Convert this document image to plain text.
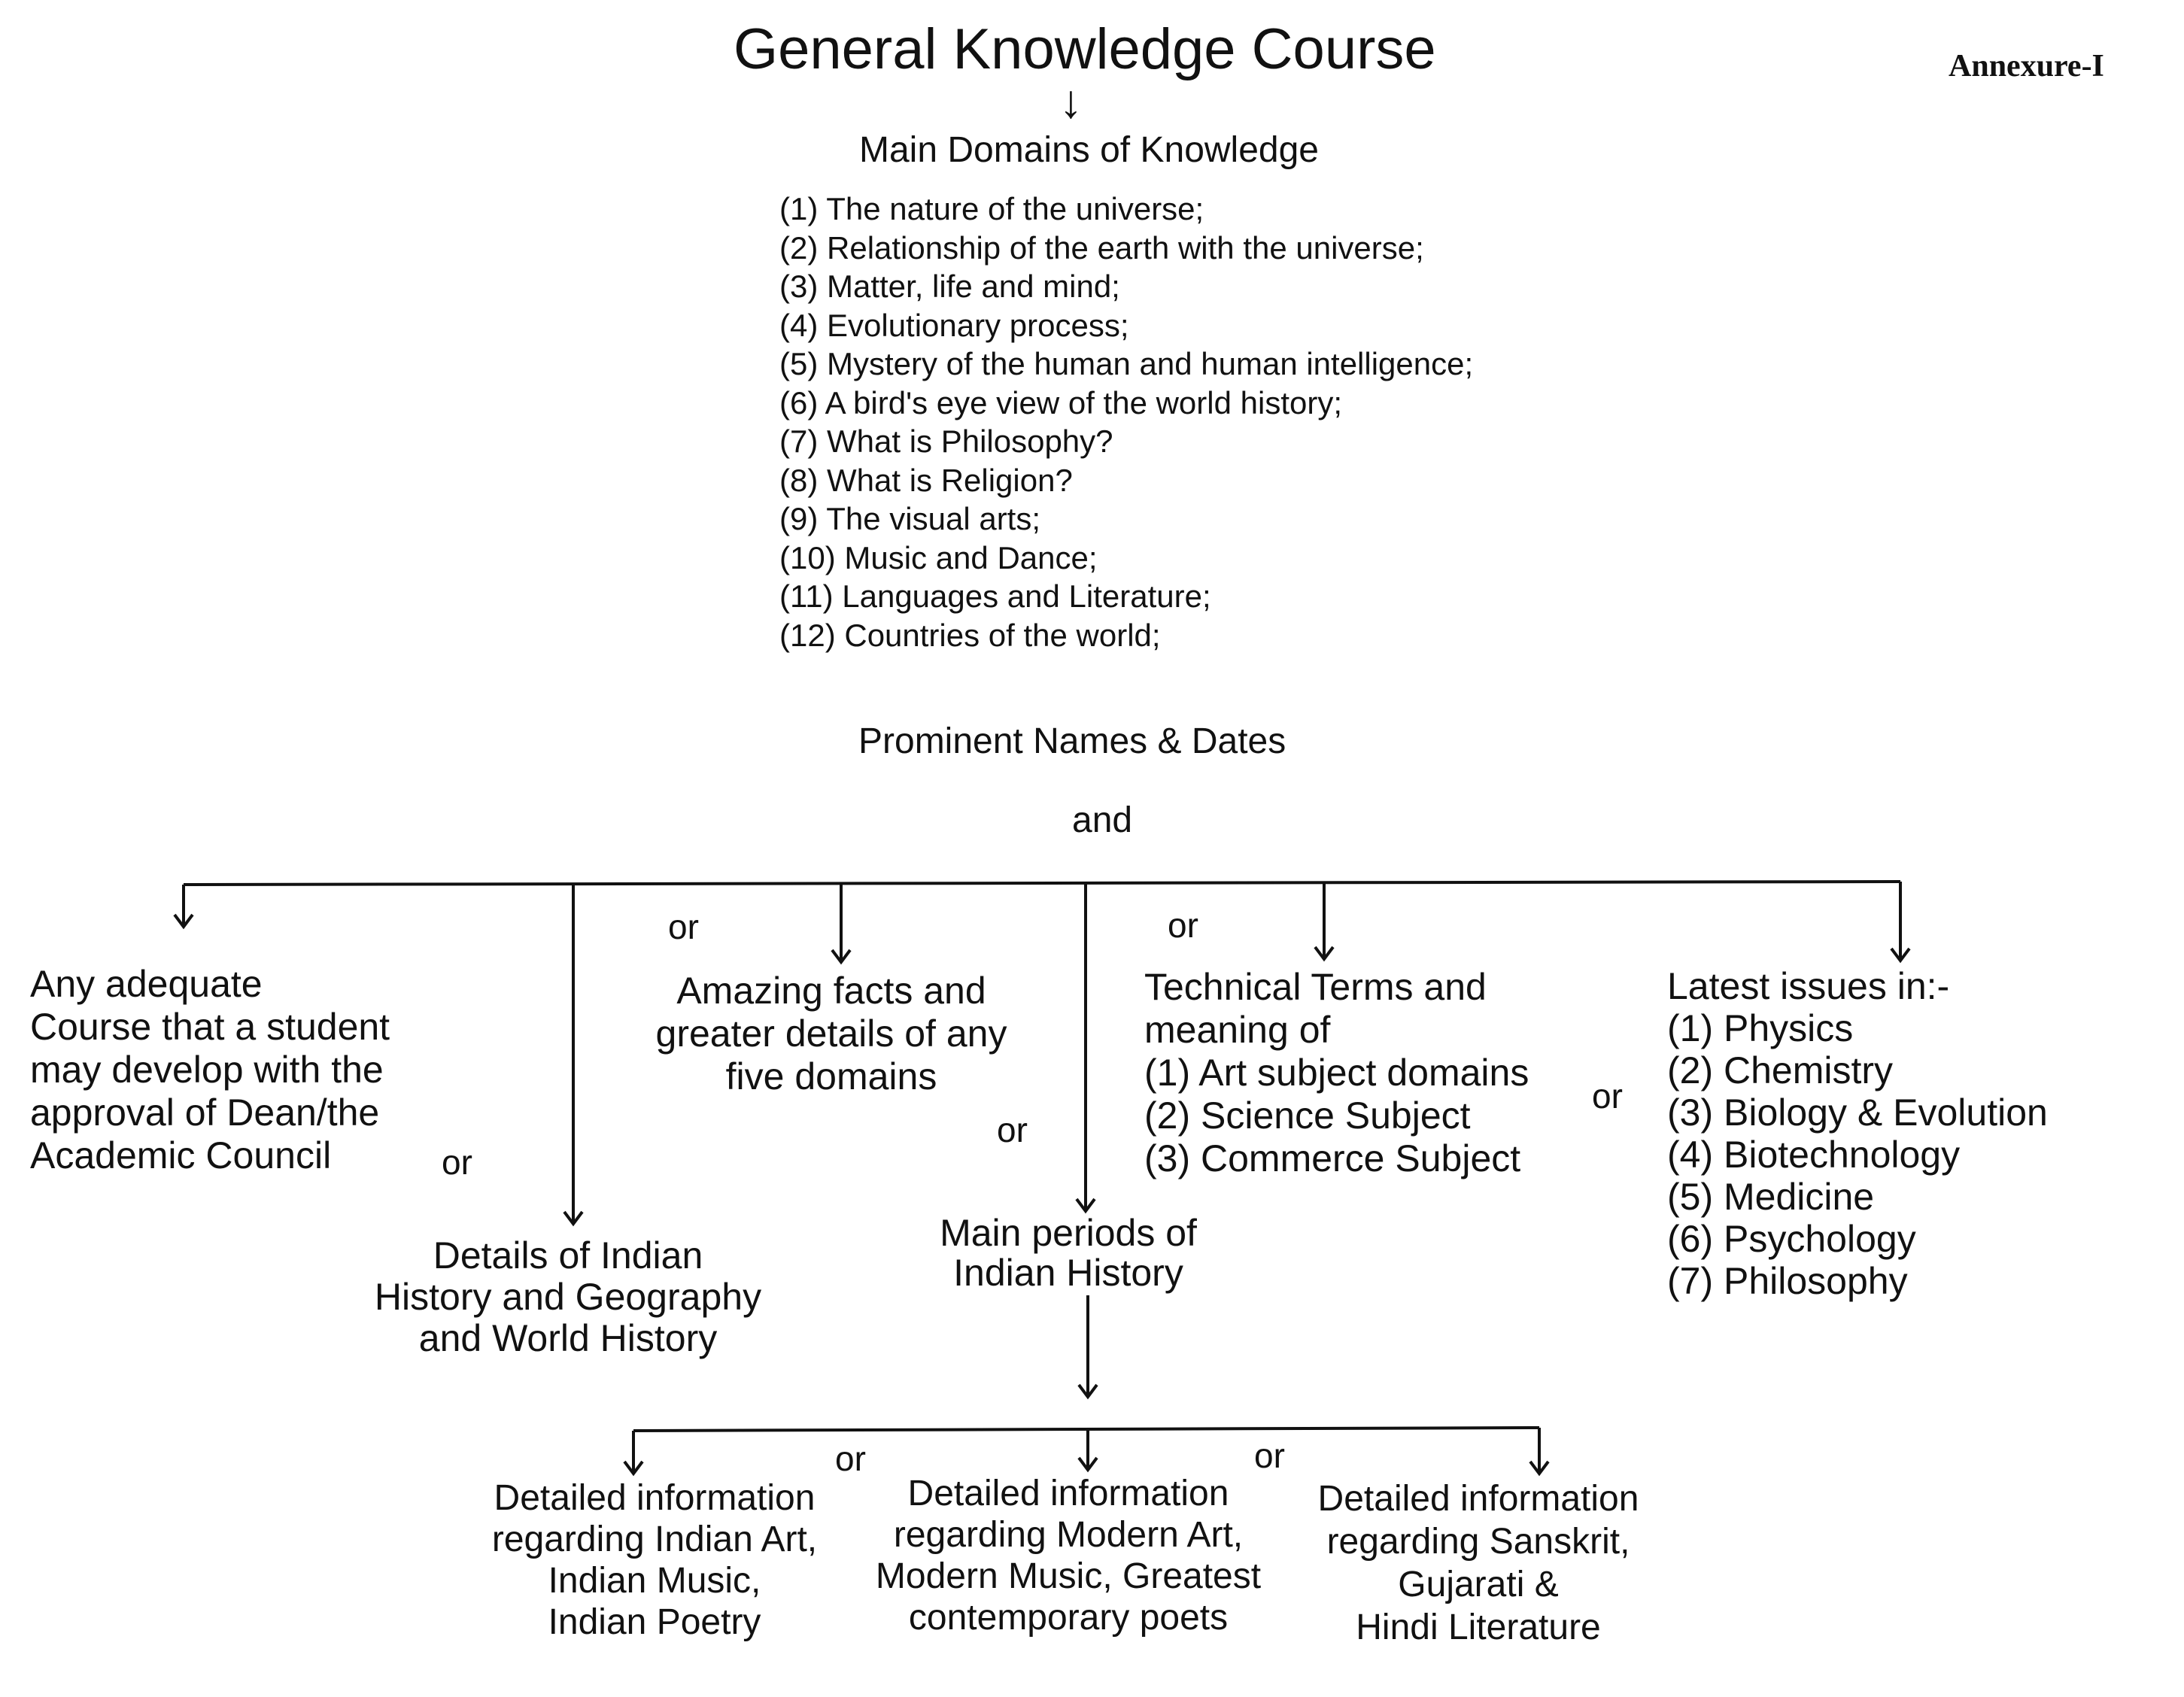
General Knowledge Course	Annexure-I
↓
Main Domains of Knowledge
(1) The nature of the universe;
(2) Relationship of the earth with the universe;
(3) Matter, life and mind;
(4) Evolutionary process;
(5) Mystery of the human and human intelligence;
(6) A bird's eye view of the world history;
(7) What is Philosophy?
(8) What is Religion?
(9) The visual arts;
(10) Music and Dance;
(11) Languages and Literature;
(12) Countries of the world;
Prominent Names & Dates
and
Any adequate
Course that a student
may develop with the
approval of Dean/the
Academic Council
Details of Indian
History and Geography
and World History
Amazing facts and
greater details of any
five domains
Main periods of
Indian History
Technical Terms and
meaning of
(1) Art subject domains
(2) Science Subject
(3) Commerce Subject
Latest issues in:-
(1) Physics
(2) Chemistry
(3) Biology & Evolution
(4) Biotechnology
(5) Medicine
(6) Psychology
(7) Philosophy
or	or
or
or
or
or	or
Detailed information
regarding Indian Art,
Indian Music,
Indian Poetry
Detailed information
regarding Modern Art,
Modern Music, Greatest
contemporary poets
Detailed information
regarding Sanskrit,
Gujarati &
Hindi Literature
